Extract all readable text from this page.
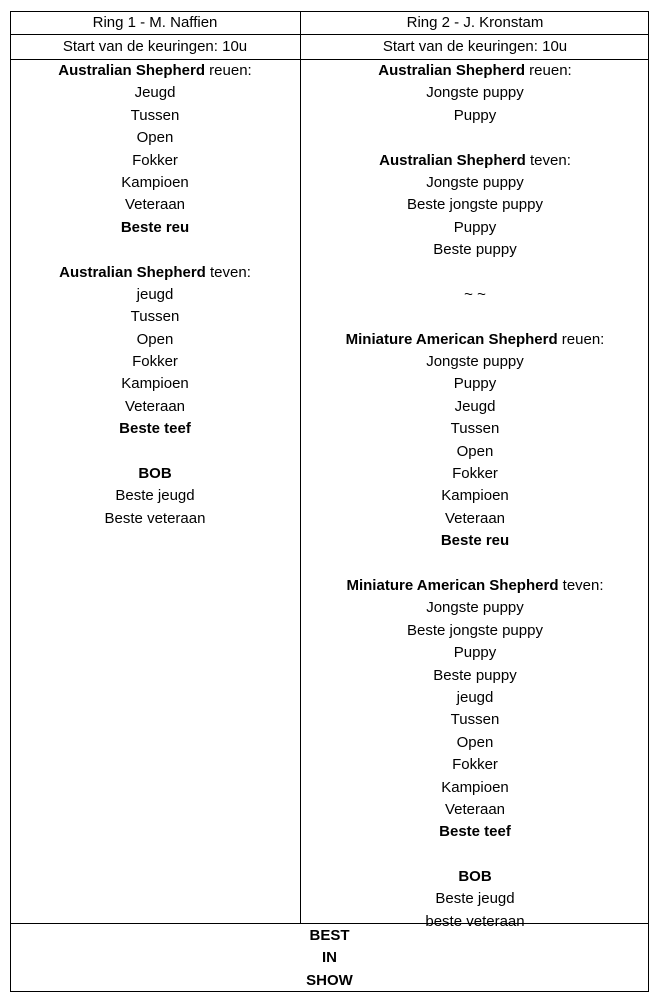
Ring 1 - M. Naffien	Ring 2 - J. Kronstam
Start van de keuringen: 10u	Start van de keuringen: 10u
Australian Shepherd reuen:
Jeugd
Tussen
Open
Fokker
Kampioen
Veteraan
Beste reu
Australian Shepherd teven:
jeugd
Tussen
Open
Fokker
Kampioen
Veteraan
Beste teef
BOB
Beste jeugd
Beste veteraan
Australian Shepherd reuen:
Jongste puppy
Puppy
Australian Shepherd teven:
Jongste puppy
Beste jongste puppy
Puppy
Beste puppy
~ ~
Miniature American Shepherd reuen:
Jongste puppy
Puppy
Jeugd
Tussen
Open
Fokker
Kampioen
Veteraan
Beste reu
Miniature American Shepherd teven:
Jongste puppy
Beste jongste puppy
Puppy
Beste puppy
jeugd
Tussen
Open
Fokker
Kampioen
Veteraan
Beste teef
BOB
Beste jeugd
beste veteraan
BEST
IN
SHOW
